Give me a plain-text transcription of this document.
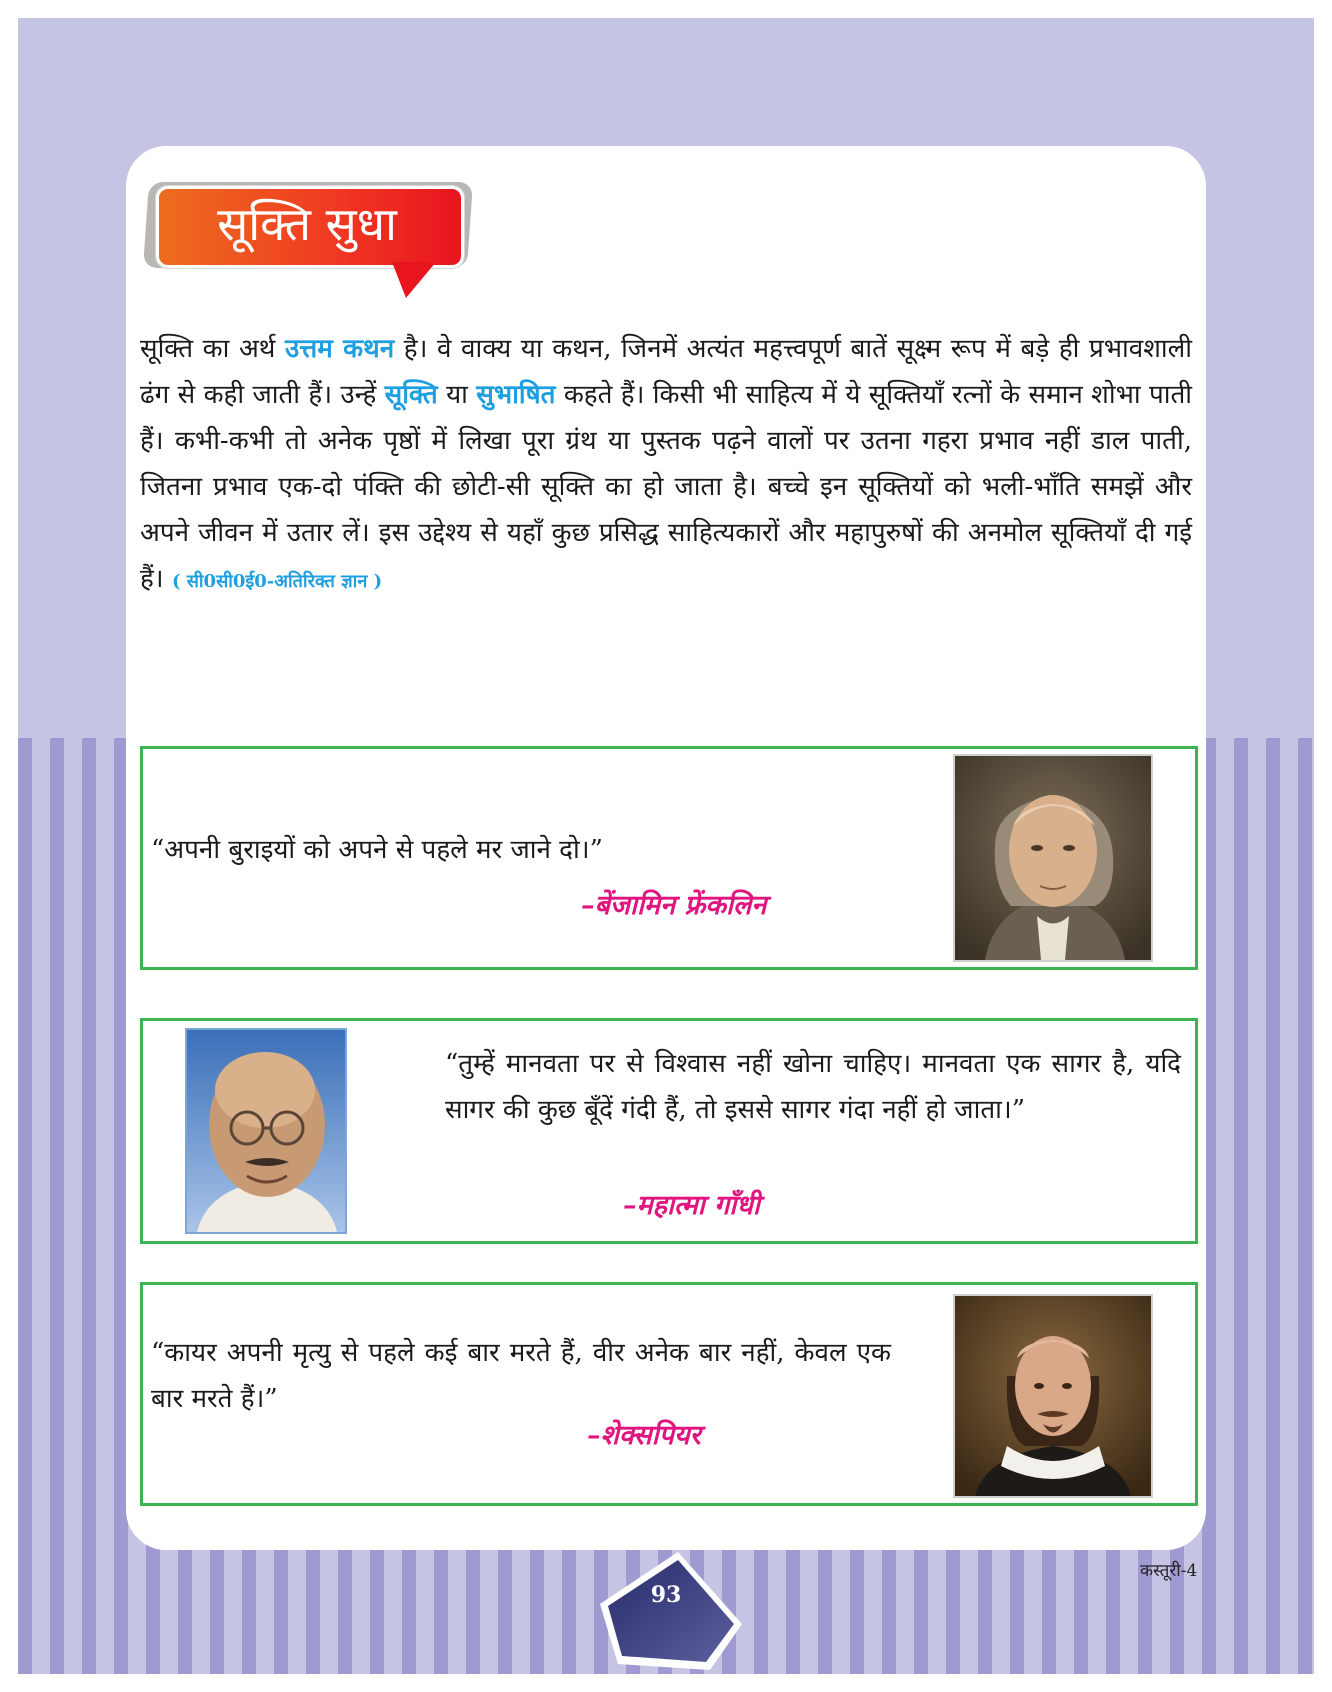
सूक्ति सुधा
सूक्ति का अर्थ उत्तम कथन है। वे वाक्य या कथन, जिनमें अत्यंत महत्त्वपूर्ण बातें सूक्ष्म रूप में बड़े ही प्रभावशाली ढंग से कही जाती हैं। उन्हें सूक्ति या सुभाषित कहते हैं। किसी भी साहित्य में ये सूक्तियाँ रत्नों के समान शोभा पाती हैं। कभी-कभी तो अनेक पृष्ठों में लिखा पूरा ग्रंथ या पुस्तक पढ़ने वालों पर उतना गहरा प्रभाव नहीं डाल पाती, जितना प्रभाव एक-दो पंक्ति की छोटी-सी सूक्ति का हो जाता है। बच्चे इन सूक्तियों को भली-भाँति समझें और अपने जीवन में उतार लें। इस उद्देश्य से यहाँ कुछ प्रसिद्ध साहित्यकारों और महापुरुषों की अनमोल सूक्तियाँ दी गई हैं। ( सी0सी0ई0-अतिरिक्त ज्ञान )
“अपनी बुराइयों को अपने से पहले मर जाने दो।”
–बेंजामिन फ्रेंकलिन
“तुम्हें मानवता पर से विश्वास नहीं खोना चाहिए। मानवता एक सागर है, यदि सागर की कुछ बूँदें गंदी हैं, तो इससे सागर गंदा नहीं हो जाता।”
–महात्मा गाँधी
“कायर अपनी मृत्यु से पहले कई बार मरते हैं, वीर अनेक बार नहीं, केवल एक बार मरते हैं।”
–शेक्सपियर
93
कस्तूरी-4
